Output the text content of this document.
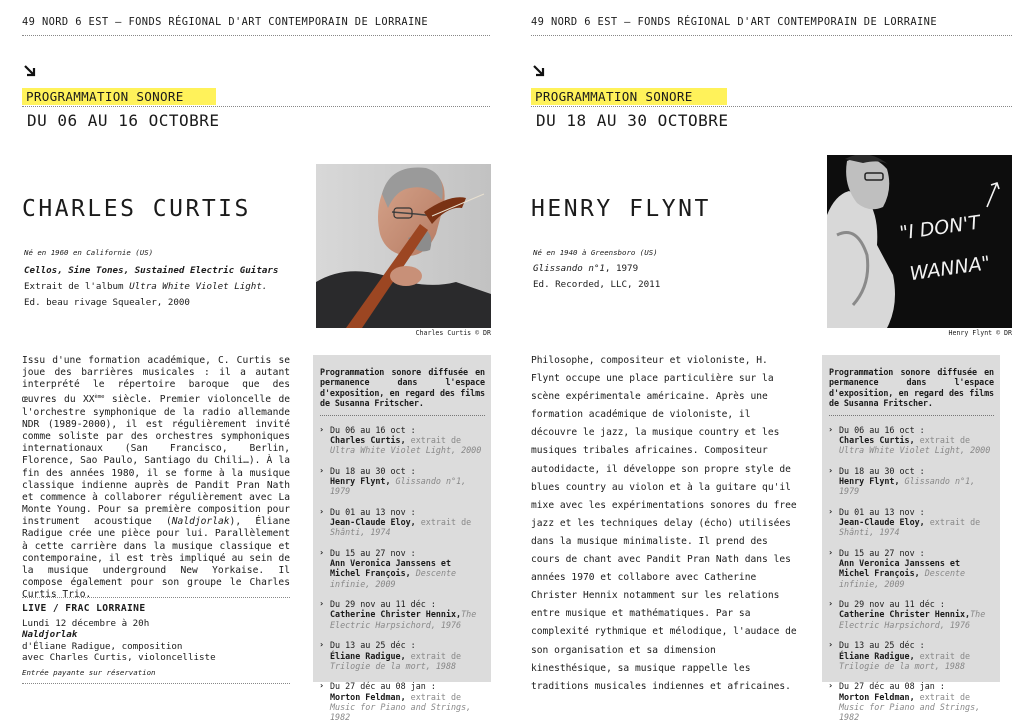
49 NORD 6 EST – FONDS RÉGIONAL D'ART CONTEMPORAIN DE LORRAINE
PROGRAMMATION SONORE
DU 06 AU 16 OCTOBRE
CHARLES CURTIS
Né en 1960 en Californie (US)
Cellos, Sine Tones, Sustained Electric Guitars
Extrait de l'album Ultra White Violet Light.
Ed. beau rivage Squealer, 2000
Charles Curtis © DR
Issu d'une formation académique, C. Curtis se joue des barrières musicales : il a autant interprété le répertoire baroque que des œuvres du XXème siècle. Premier violoncelle de l'orchestre symphonique de la radio allemande NDR (1989-2000), il est régulièrement invité comme soliste par des orchestres symphoniques internationaux (San Francisco, Berlin, Florence, Sao Paulo, Santiago du Chili…). À la fin des années 1980, il se forme à la musique classique indienne auprès de Pandit Pran Nath et commence à collaborer régulièrement avec La Monte Young. Pour sa première composition pour instrument acoustique (Naldjorlak), Éliane Radigue crée une pièce pour lui. Parallèlement à cette carrière dans la musique classique et contemporaine, il est très impliqué au sein de la musique underground New Yorkaise. Il compose également pour son groupe le Charles Curtis Trio.
LIVE / FRAC LORRAINE
Lundi 12 décembre à 20h
Naldjorlak
d'Éliane Radigue, composition
avec Charles Curtis, violoncelliste
Entrée payante sur réservation
Programmation sonore diffusée en permanence dans l'espace d'exposition, en regard des films de Susanna Fritscher.
› Du 06 au 16 oct :
Charles Curtis, extrait de
Ultra White Violet Light, 2000
› Du 18 au 30 oct :
Henry Flynt, Glissando n°1, 1979
› Du 01 au 13 nov :
Jean-Claude Eloy, extrait de
Shânti, 1974
› Du 15 au 27 nov :
Ann Veronica Janssens et Michel François, Descente infinie, 2009
› Du 29 nov au 11 déc :
Catherine Christer Hennix,The Electric Harpsichord, 1976
› Du 13 au 25 déc :
Éliane Radigue, extrait de
Trilogie de la mort, 1988
› Du 27 déc au 08 jan :
Morton Feldman, extrait de
Music for Piano and Strings, 1982
49 NORD 6 EST – FONDS RÉGIONAL D'ART CONTEMPORAIN DE LORRAINE
PROGRAMMATION SONORE
DU 18 AU 30 OCTOBRE
HENRY FLYNT
Né en 1940 à Greensboro (US)
Glissando n°1, 1979
Ed. Recorded, LLC, 2011
"I DON'T
WANNA"
Henry Flynt © DR
Philosophe, compositeur et violoniste, H. Flynt occupe une place particulière sur la scène expérimentale américaine. Après une formation académique de violoniste, il découvre le jazz, la musique country et les musiques tribales africaines. Compositeur autodidacte, il développe son propre style de blues country au violon et à la guitare qu'il mixe avec les expérimentations sonores du free jazz et les techniques delay (écho) utilisées dans la musique minimaliste. Il prend des cours de chant avec Pandit Pran Nath dans les années 1970 et collabore avec Catherine Christer Hennix notamment sur les relations entre musique et mathématiques. Par sa complexité rythmique et mélodique, l'audace de son organisation et sa dimension kinesthésique, sa musique rappelle les traditions musicales indiennes et africaines.
Programmation sonore diffusée en permanence dans l'espace d'exposition, en regard des films de Susanna Fritscher.
› Du 06 au 16 oct :
Charles Curtis, extrait de
Ultra White Violet Light, 2000
› Du 18 au 30 oct :
Henry Flynt, Glissando n°1, 1979
› Du 01 au 13 nov :
Jean-Claude Eloy, extrait de
Shânti, 1974
› Du 15 au 27 nov :
Ann Veronica Janssens et Michel François, Descente infinie, 2009
› Du 29 nov au 11 déc :
Catherine Christer Hennix,The Electric Harpsichord, 1976
› Du 13 au 25 déc :
Éliane Radigue, extrait de
Trilogie de la mort, 1988
› Du 27 déc au 08 jan :
Morton Feldman, extrait de
Music for Piano and Strings, 1982
